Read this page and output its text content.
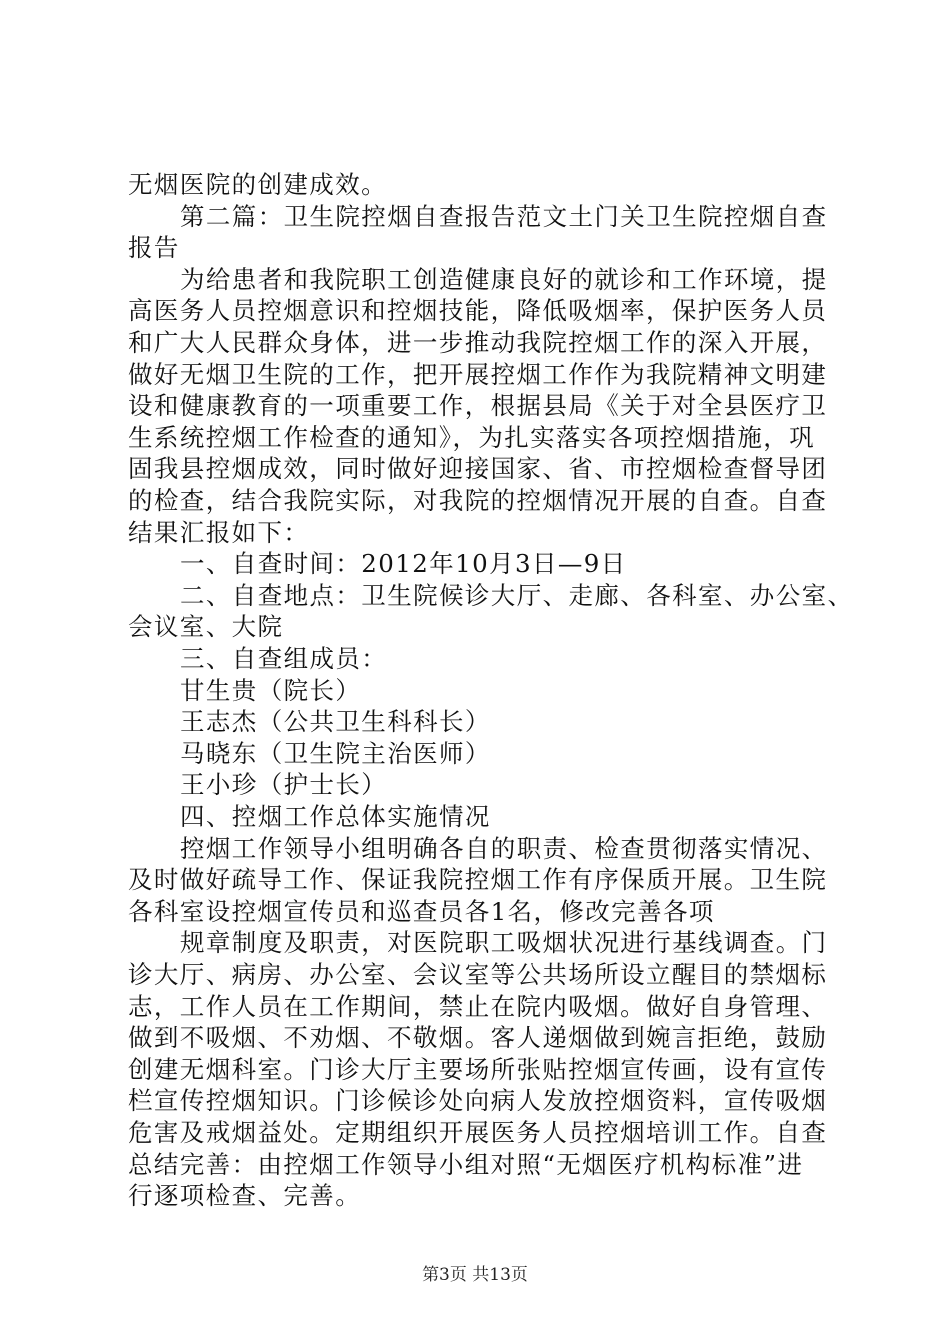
无烟医院的创建成效。
第二篇：卫生院控烟自查报告范文土门关卫生院控烟自查
报告
为给患者和我院职工创造健康良好的就诊和工作环境，提
高医务人员控烟意识和控烟技能，降低吸烟率，保护医务人员
和广大人民群众身体，进一步推动我院控烟工作的深入开展，
做好无烟卫生院的工作，把开展控烟工作作为我院精神文明建
设和健康教育的一项重要工作，根据县局《关于对全县医疗卫
生系统控烟工作检查的通知》，为扎实落实各项控烟措施，巩
固我县控烟成效，同时做好迎接国家、省、市控烟检查督导团
的检查，结合我院实际，对我院的控烟情况开展的自查。自查
结果汇报如下：
一、自查时间：2012年10月3日—9日
二、自查地点：卫生院候诊大厅、走廊、各科室、办公室、
会议室、大院
三、自查组成员：
甘生贵（院长）
王志杰（公共卫生科科长）
马晓东（卫生院主治医师）
王小珍（护士长）
四、控烟工作总体实施情况
控烟工作领导小组明确各自的职责、检查贯彻落实情况、
及时做好疏导工作、保证我院控烟工作有序保质开展。卫生院
各科室设控烟宣传员和巡查员各1名，修改完善各项
规章制度及职责，对医院职工吸烟状况进行基线调查。门
诊大厅、病房、办公室、会议室等公共场所设立醒目的禁烟标
志，工作人员在工作期间，禁止在院内吸烟。做好自身管理、
做到不吸烟、不劝烟、不敬烟。客人递烟做到婉言拒绝，鼓励
创建无烟科室。门诊大厅主要场所张贴控烟宣传画，设有宣传
栏宣传控烟知识。门诊候诊处向病人发放控烟资料，宣传吸烟
危害及戒烟益处。定期组织开展医务人员控烟培训工作。自查
总结完善：由控烟工作领导小组对照“无烟医疗机构标准”进
行逐项检查、完善。
第3页 共13页
